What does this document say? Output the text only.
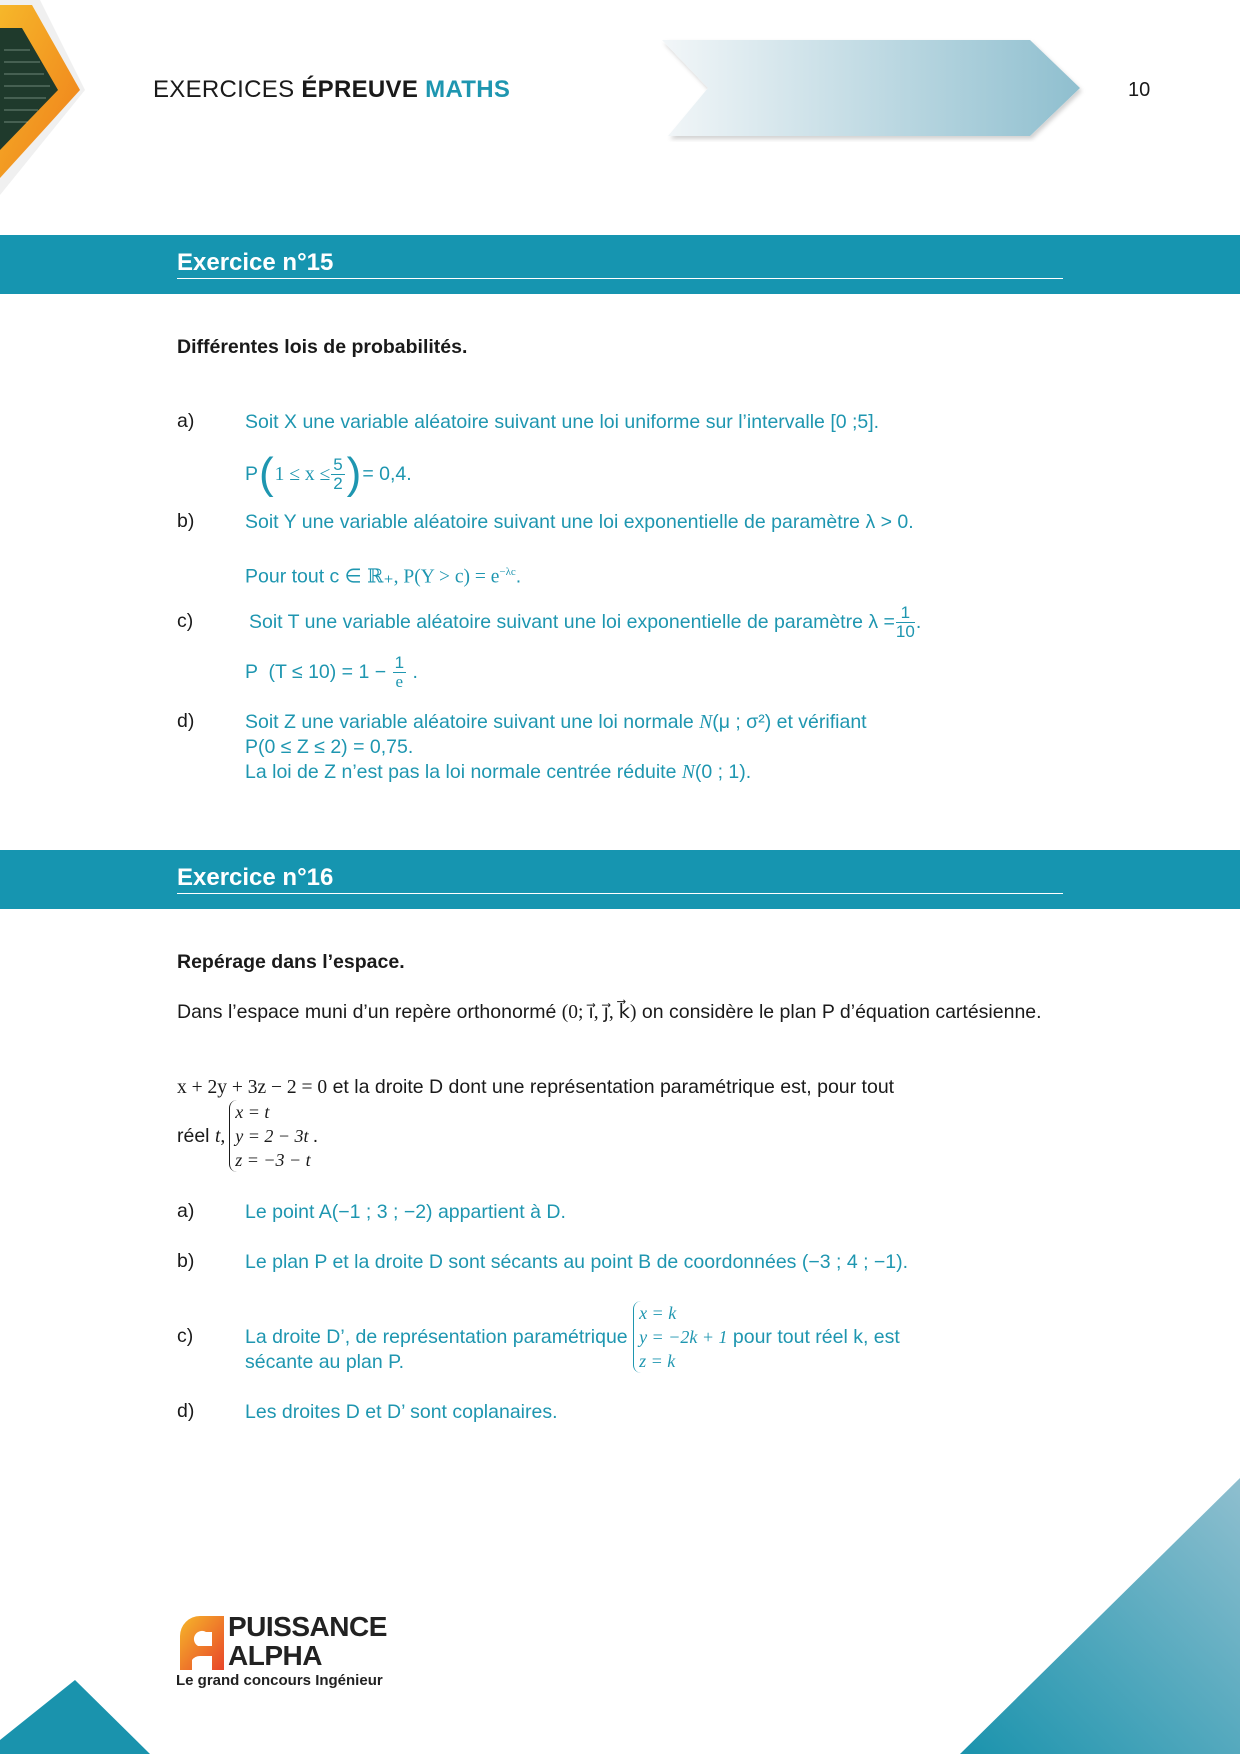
EXERCICES ÉPREUVE MATHS	10
Exercice n°15
Différentes lois de probabilités.
a)	Soit X une variable aléatoire suivant une loi uniforme sur l’intervalle [0 ;5].
P ( $1 \le x \le \frac{5}{2}$ ) = 0,4.
b)	Soit Y une variable aléatoire suivant une loi exponentielle de paramètre λ > 0.
Pour tout c ∈ ℝ₊, $P(Y > c) = e^{-\lambda c}$.
c)	Soit T une variable aléatoire suivant une loi exponentielle de paramètre $\lambda = \frac{1}{10}$ .
P  $(T \le 10) = 1 - \frac{1}{e}$ .
d)	Soit Z une variable aléatoire suivant une loi normale N(μ ; σ²) et vérifiant
P(0 ≤ Z ≤ 2) = 0,75.
La loi de Z n’est pas la loi normale centrée réduite N(0 ; 1).
Exercice n°16
Repérage dans l’espace.
Dans l’espace muni d’un repère orthonormé (0; i⃗, j⃗, k⃗) on considère le plan P d’équation cartésienne.
x + 2y + 3z − 2 = 0 et la droite D dont une représentation paramétrique est, pour tout
réel t,
x = t
y = 2 − 3t
z = −3 − t
.
a)	Le point A(−1 ; 3 ; −2) appartient à D.
b)	Le plan P et la droite D sont sécants au point B de coordonnées (−3 ; 4 ; −1).
c)	La droite D’, de représentation paramétrique
x = k
y = −2k + 1
z = k
pour tout réel k, est
sécante au plan P.
d)	Les droites D et D’ sont coplanaires.
PUISSANCE
ALPHA
Le grand concours Ingénieur
